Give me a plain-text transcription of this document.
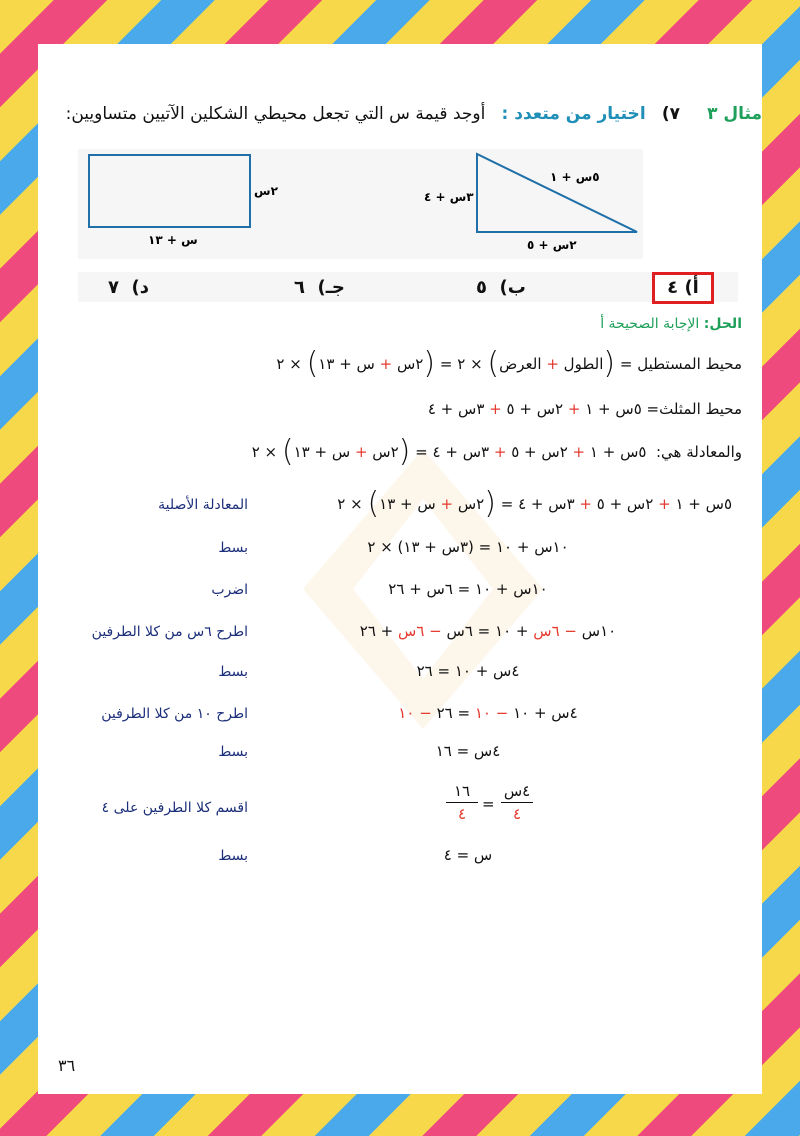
مثال ٣     ٧)   اختيار من متعدد :   أوجد قيمة س التي تجعل محيطي الشكلين الآتيين متساويين:
٢س
س + ١٣
٥س + ١
٣س + ٤
٢س + ٥
أ) ٤
ب)  ٥
جـ)  ٦
د)  ٧
الحل: الإجابة الصحيحة أ
محيط المستطيل = (الطول + العرض) × ٢ = (٢س + س + ١٣) × ٢
محيط المثلث= ٥س + ١ + ٢س + ٥ + ٣س + ٤
والمعادلة هي:  ٥س + ١ + ٢س + ٥ + ٣س + ٤ = (٢س + س + ١٣) × ٢
٥س + ١ + ٢س + ٥ + ٣س + ٤ = (٢س + س + ١٣) × ٢
المعادلة الأصلية
١٠س + ١٠ = (٣س + ١٣) × ٢
بسط
١٠س + ١٠ = ٦س + ٢٦
اضرب
١٠س − ٦س + ١٠ = ٦س − ٦س + ٢٦
اطرح ٦س من كلا الطرفين
٤س + ١٠ = ٢٦
بسط
٤س + ١٠ − ١٠ = ٢٦ − ١٠
اطرح ١٠ من كلا الطرفين
٤س = ١٦
بسط
٤س
٤
=
١٦
٤
اقسم كلا الطرفين على ٤
س = ٤
بسط
٣٦
